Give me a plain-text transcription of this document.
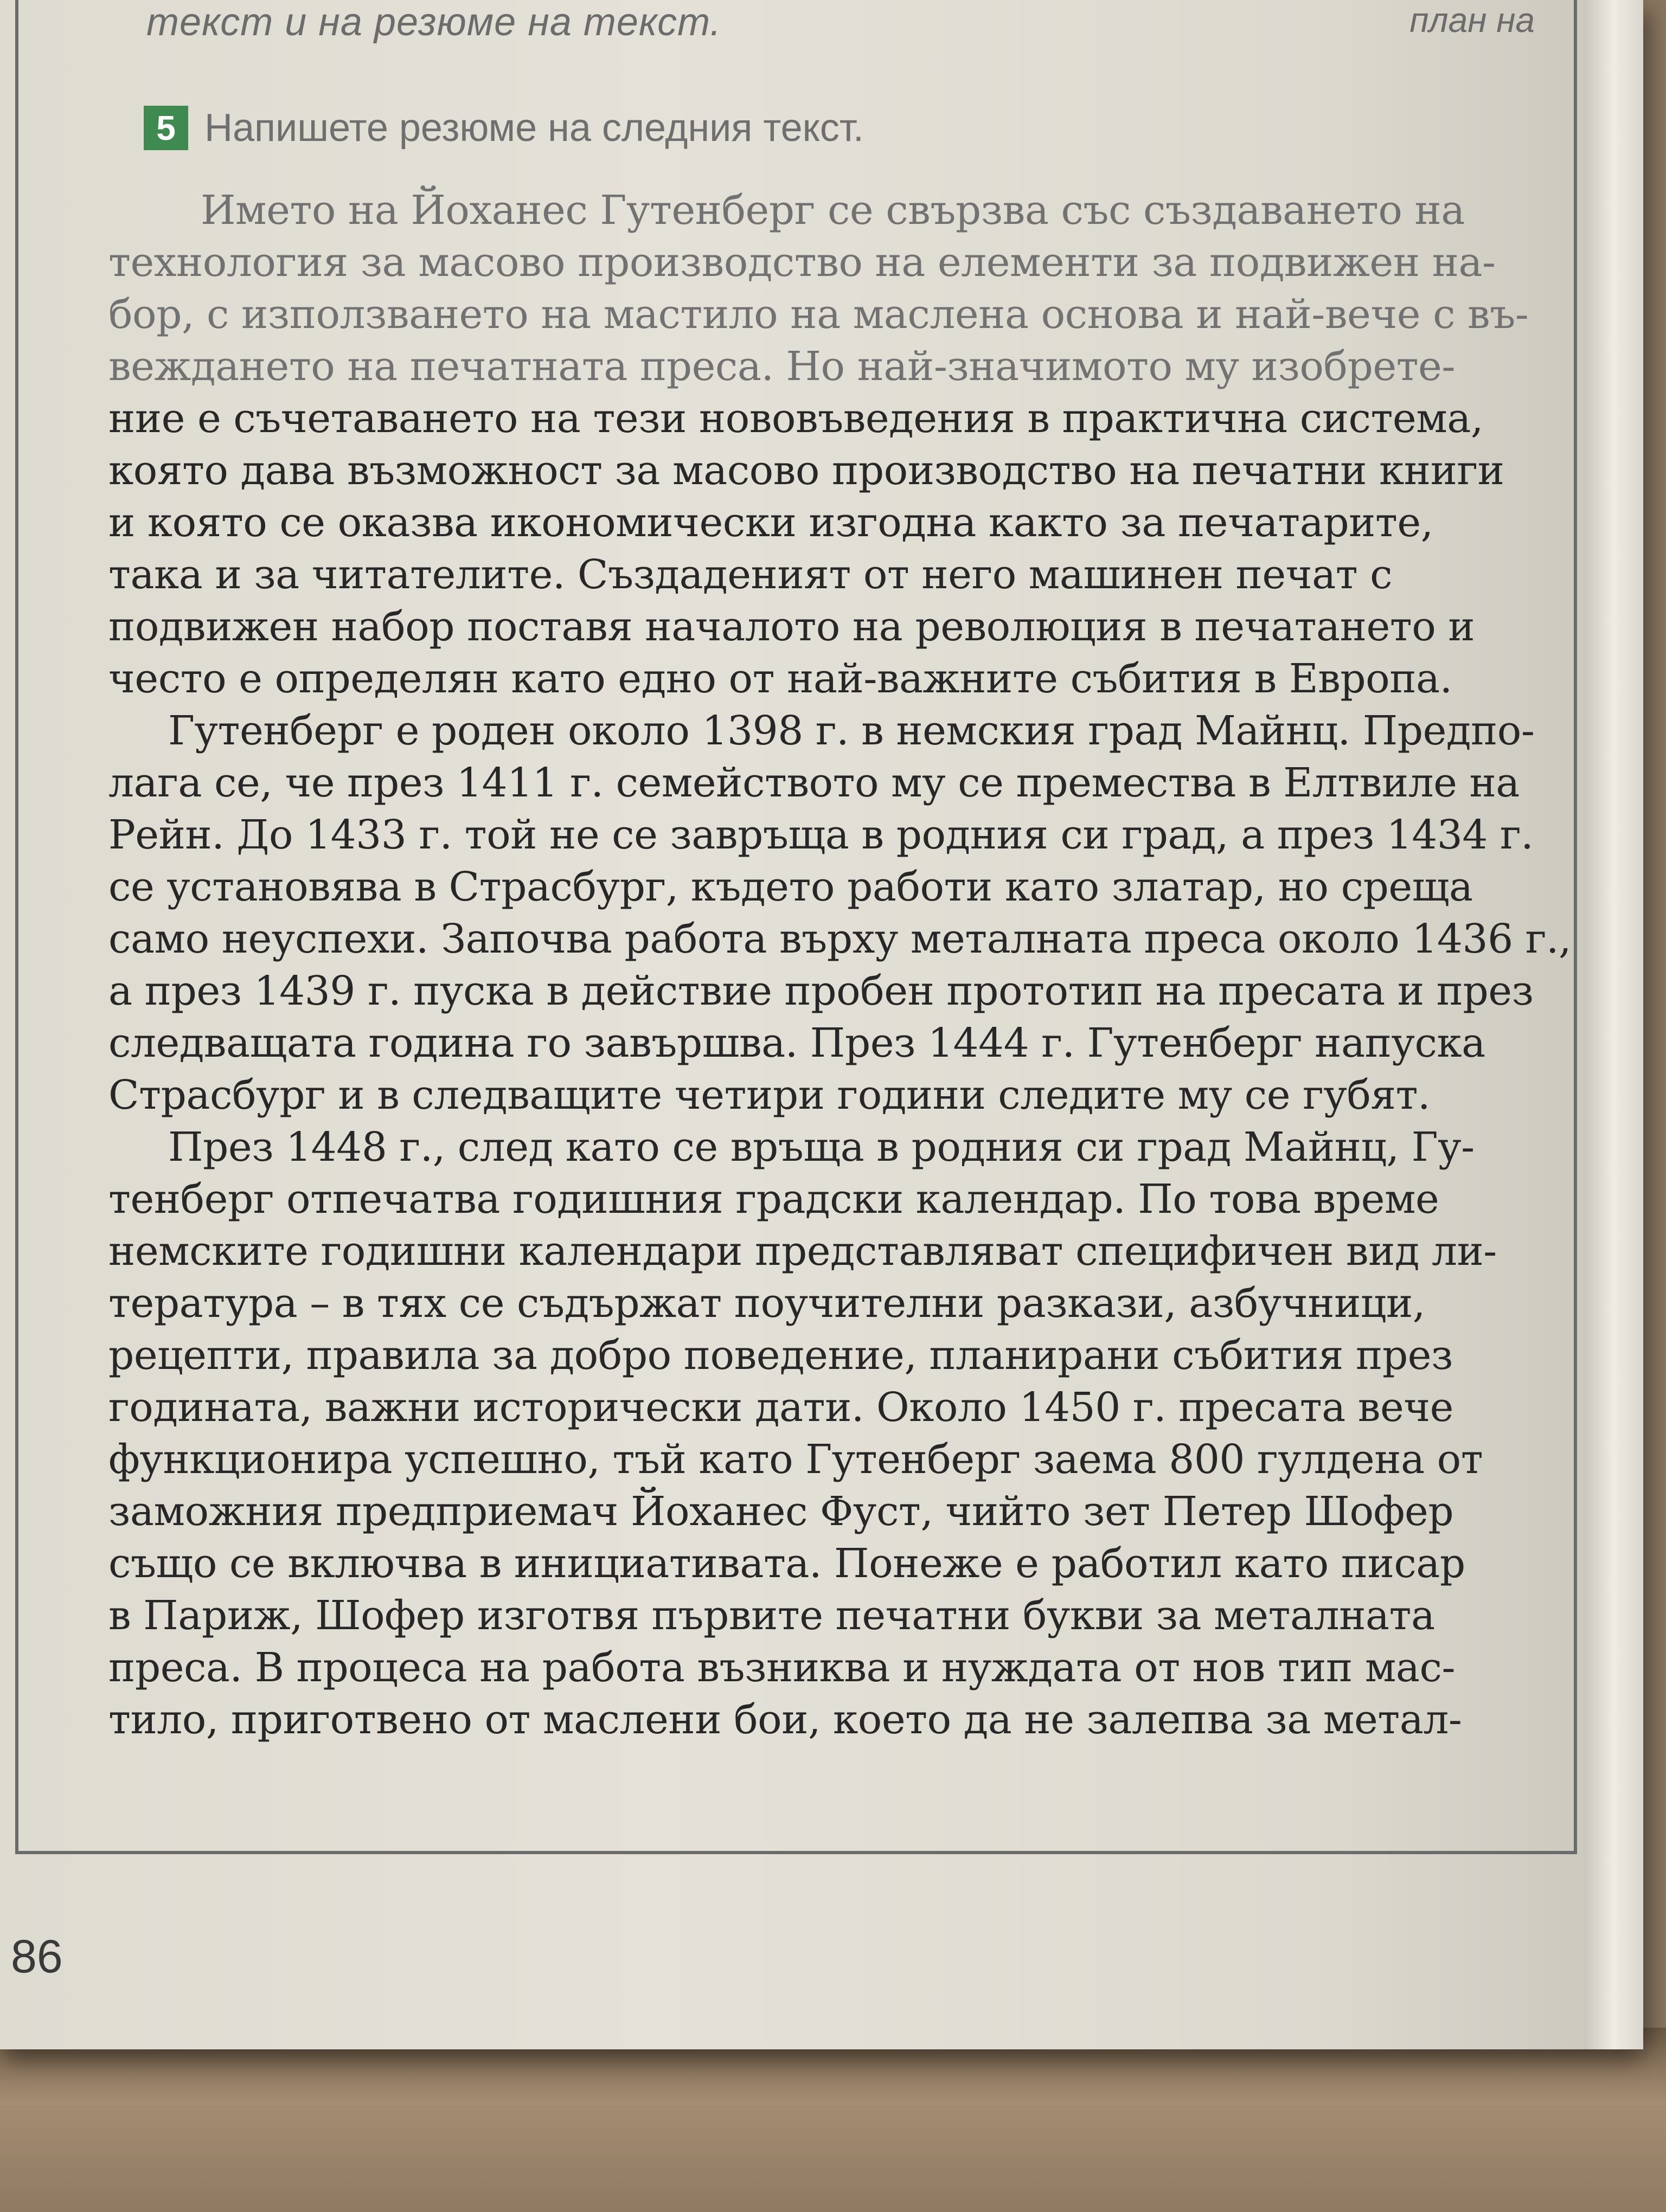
текст и на резюме на текст.	план на
5 Напишете резюме на следния текст.
Името на Йоханес Гутенберг се свързва със създаването на
технология за масово производство на елементи за подвижен на-
бор, с използването на мастило на маслена основа и най-вече с въ-
веждането на печатната преса. Но най-значимото му изобрете-
ние е съчетаването на тези нововъведения в практична система,
която дава възможност за масово производство на печатни книги
и която се оказва икономически изгодна както за печатарите,
така и за читателите. Създаденият от него машинен печат с
подвижен набор поставя началото на революция в печатането и
често е определян като едно от най-важните събития в Европа.
Гутенберг е роден около 1398 г. в немския град Майнц. Предпо-
лага се, че през 1411 г. семейството му се премества в Елтвиле на
Рейн. До 1433 г. той не се завръща в родния си град, а през 1434 г.
се установява в Страсбург, където работи като златар, но среща
само неуспехи. Започва работа върху металната преса около 1436 г.,
а през 1439 г. пуска в действие пробен прототип на пресата и през
следващата година го завършва. През 1444 г. Гутенберг напуска
Страсбург и в следващите четири години следите му се губят.
През 1448 г., след като се връща в родния си град Майнц, Гу-
тенберг отпечатва годишния градски календар. По това време
немските годишни календари представляват специфичен вид ли-
тература – в тях се съдържат поучителни разкази, азбучници,
рецепти, правила за добро поведение, планирани събития през
годината, важни исторически дати. Около 1450 г. пресата вече
функционира успешно, тъй като Гутенберг заема 800 гулдена от
заможния предприемач Йоханес Фуст, чийто зет Петер Шофер
също се включва в инициативата. Понеже е работил като писар
в Париж, Шофер изготвя първите печатни букви за металната
преса. В процеса на работа възниква и нуждата от нов тип мас-
тило, приготвено от маслени бои, което да не залепва за метал-
86
